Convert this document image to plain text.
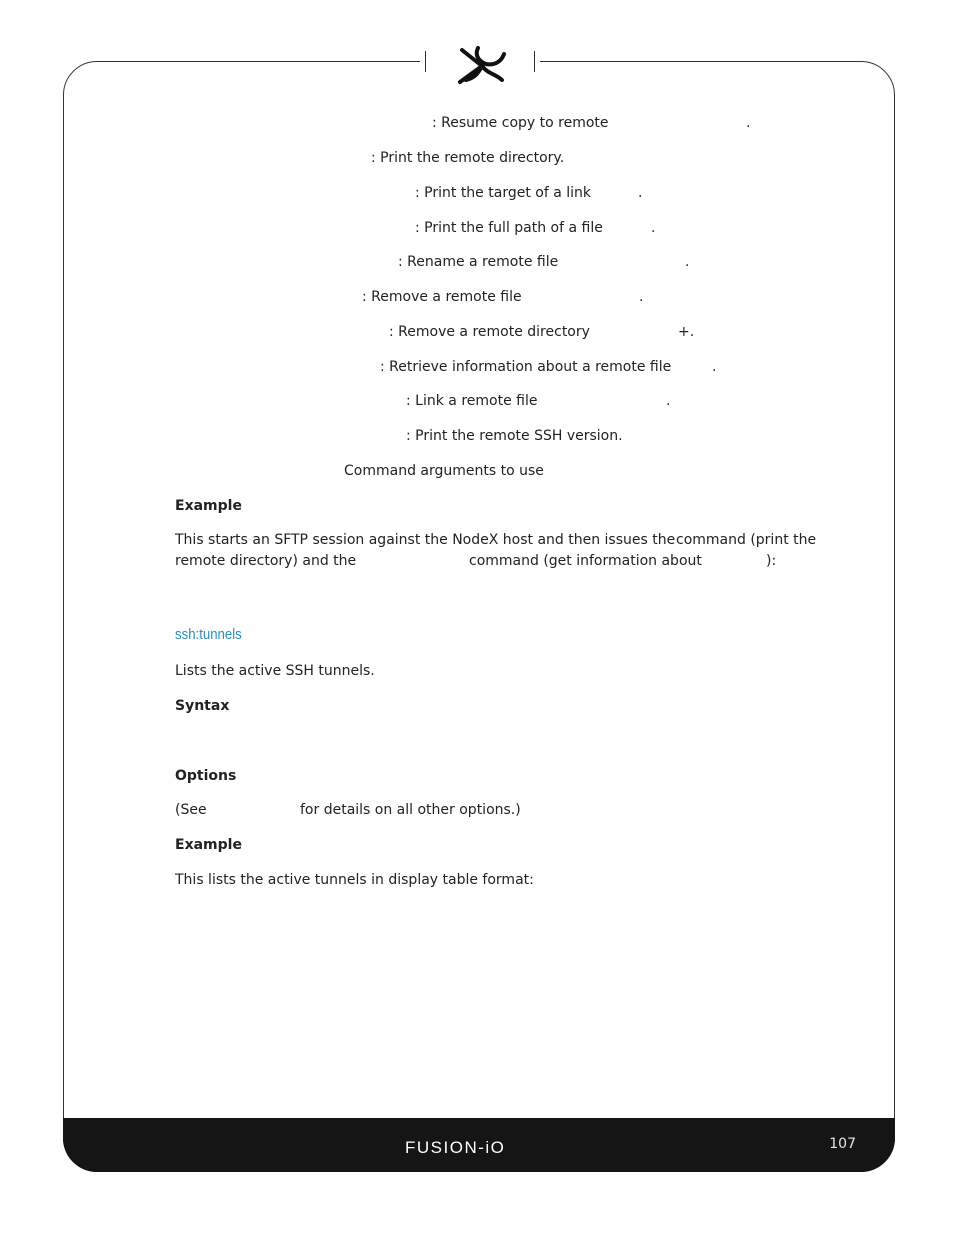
: Resume copy to remote	.
: Print the remote directory.
: Print the target of a link	.
: Print the full path of a file	.
: Rename a remote file	.
: Remove a remote file	.
: Remove a remote directory	+.
: Retrieve information about a remote file	.
: Link a remote file	.
: Print the remote SSH version.
Command arguments to use
Example
This starts an SFTP session against the NodeX host and then issues the command (print the
remote directory) and the	command (get information about	):
ssh:tunnels
Lists the active SSH tunnels.
Syntax
Options
(See	for details on all other options.)
Example
This lists the active tunnels in display table format:
FUSION-iO	107
